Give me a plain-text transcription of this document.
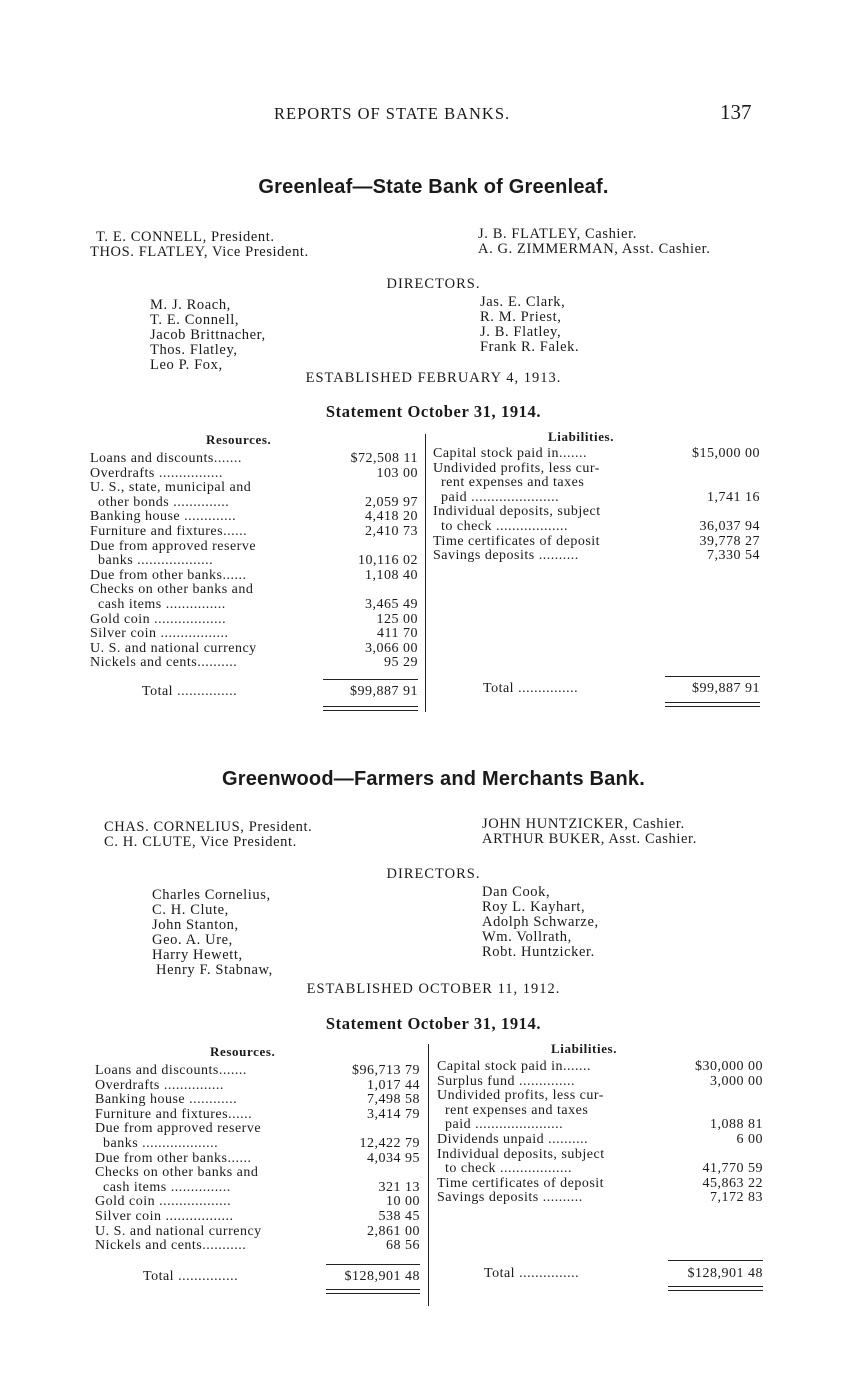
REPORTS OF STATE BANKS.	137
Greenleaf—State Bank of Greenleaf.
T. E. CONNELL, President.
THOS. FLATLEY, Vice President.
J. B. FLATLEY, Cashier.
A. G. ZIMMERMAN, Asst. Cashier.
DIRECTORS.
M. J. Roach,
T. E. Connell,
Jacob Brittnacher,
Thos. Flatley,
Leo P. Fox,
Jas. E. Clark,
R. M. Priest,
J. B. Flatley,
Frank R. Falek.
ESTABLISHED FEBRUARY 4, 1913.
Statement October 31, 1914.
Resources.	Liabilities.
Loans and discounts.......	$72,508 11
Overdrafts ................	103 00
U. S., state, municipal and
other bonds ..............	2,059 97
Banking house .............	4,418 20
Furniture and fixtures......	2,410 73
Due from approved reserve
banks ...................	10,116 02
Due from other banks......	1,108 40
Checks on other banks and
cash items ...............	3,465 49
Gold coin ..................	125 00
Silver coin .................	411 70
U. S. and national currency	3,066 00
Nickels and cents..........	95 29
Capital stock paid in.......	$15,000 00
Undivided profits, less cur-
rent expenses and taxes
paid ......................	1,741 16
Individual deposits, subject
to check ..................	36,037 94
Time certificates of deposit	39,778 27
Savings deposits ..........	7,330 54
Total ...............	$99,887 91	Total ...............	$99,887 91
Greenwood—Farmers and Merchants Bank.
CHAS. CORNELIUS, President.
C. H. CLUTE, Vice President.
JOHN HUNTZICKER, Cashier.
ARTHUR BUKER, Asst. Cashier.
DIRECTORS.
Charles Cornelius,
C. H. Clute,
John Stanton,
Geo. A. Ure,
Harry Hewett,
Henry F. Stabnaw,
Dan Cook,
Roy L. Kayhart,
Adolph Schwarze,
Wm. Vollrath,
Robt. Huntzicker.
ESTABLISHED OCTOBER 11, 1912.
Statement October 31, 1914.
Resources.	Liabilities.
Loans and discounts.......	$96,713 79
Overdrafts ...............	1,017 44
Banking house ............	7,498 58
Furniture and fixtures......	3,414 79
Due from approved reserve
banks ...................	12,422 79
Due from other banks......	4,034 95
Checks on other banks and
cash items ...............	321 13
Gold coin ..................	10 00
Silver coin .................	538 45
U. S. and national currency	2,861 00
Nickels and cents...........	68 56
Capital stock paid in.......	$30,000 00
Surplus fund ..............	3,000 00
Undivided profits, less cur-
rent expenses and taxes
paid ......................	1,088 81
Dividends unpaid ..........	6 00
Individual deposits, subject
to check ..................	41,770 59
Time certificates of deposit	45,863 22
Savings deposits ..........	7,172 83
Total ...............	$128,901 48	Total ...............	$128,901 48
